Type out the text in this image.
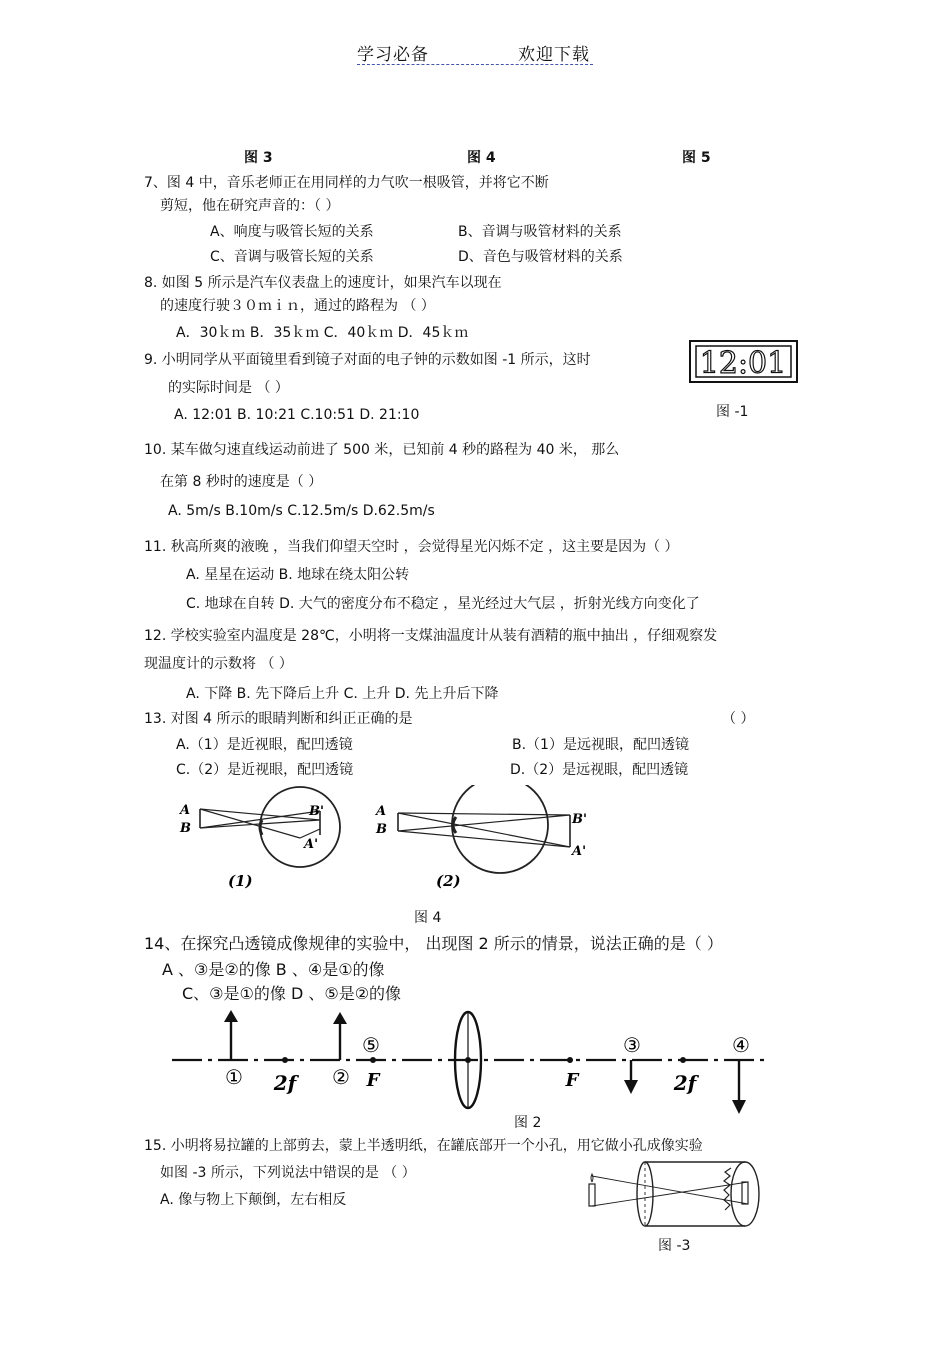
学习必备	欢迎下载
图 3	图 4	图 5
7、图 4 中，音乐老师正在用同样的力气吹一根吸管，并将它不断
剪短，他在研究声音的：（ ）
A、响度与吸管长短的关系	B、音调与吸管材料的关系
C、音调与吸管长短的关系	D、音色与吸管材料的关系
8. 如图 5 所示是汽车仪表盘上的速度计，如果汽车以现在
的速度行驶３０ｍｉｎ，通过的路程为 （ ）
A．30ｋｍ B．35ｋｍ C．40ｋｍ D．45ｋｍ
9. 小明同学从平面镜里看到镜子对面的电子钟的示数如图 -1 所示，这时
的实际时间是 （ ）
A. 12:01 B. 10:21 C.10:51 D. 21:10
12:01
图 -1
10. 某车做匀速直线运动前进了 500 米，已知前 4 秒的路程为 40 米， 那么
在第 8 秒时的速度是（ ）
A. 5m/s B.10m/s C.12.5m/s D.62.5m/s
11. 秋高所爽的液晚 ，当我们仰望天空时 ，会觉得星光闪烁不定 ，这主要是因为（ ）
A. 星星在运动 B. 地球在绕太阳公转
C. 地球在自转 D. 大气的密度分布不稳定 ，星光经过大气层 ，折射光线方向变化了
12. 学校实验室内温度是 28℃，小明将一支煤油温度计从装有酒精的瓶中抽出 ，仔细观察发
现温度计的示数将 （ ）
A. 下降 B. 先下降后上升 C. 上升 D. 先上升后下降
13. 对图 4 所示的眼睛判断和纠正正确的是	（ ）
A.（1）是近视眼，配凹透镜	B.（1）是远视眼，配凹透镜
C.（2）是近视眼，配凹透镜	D.（2）是远视眼，配凹透镜
A
B
B'
A'
(1)
A
B
B'
A'
(2)
图 4
14、在探究凸透镜成像规律的实验中， 出现图 2 所示的情景，说法正确的是（ ）
A 、③是②的像 B 、④是①的像
C、③是①的像 D 、⑤是②的像
① 2f ② F
⑤
F
③
2f
④
图 2
15. 小明将易拉罐的上部剪去，蒙上半透明纸，在罐底部开一个小孔，用它做小孔成像实验
如图 -3 所示，下列说法中错误的是 （ ）
A. 像与物上下颠倒，左右相反
图 -3
